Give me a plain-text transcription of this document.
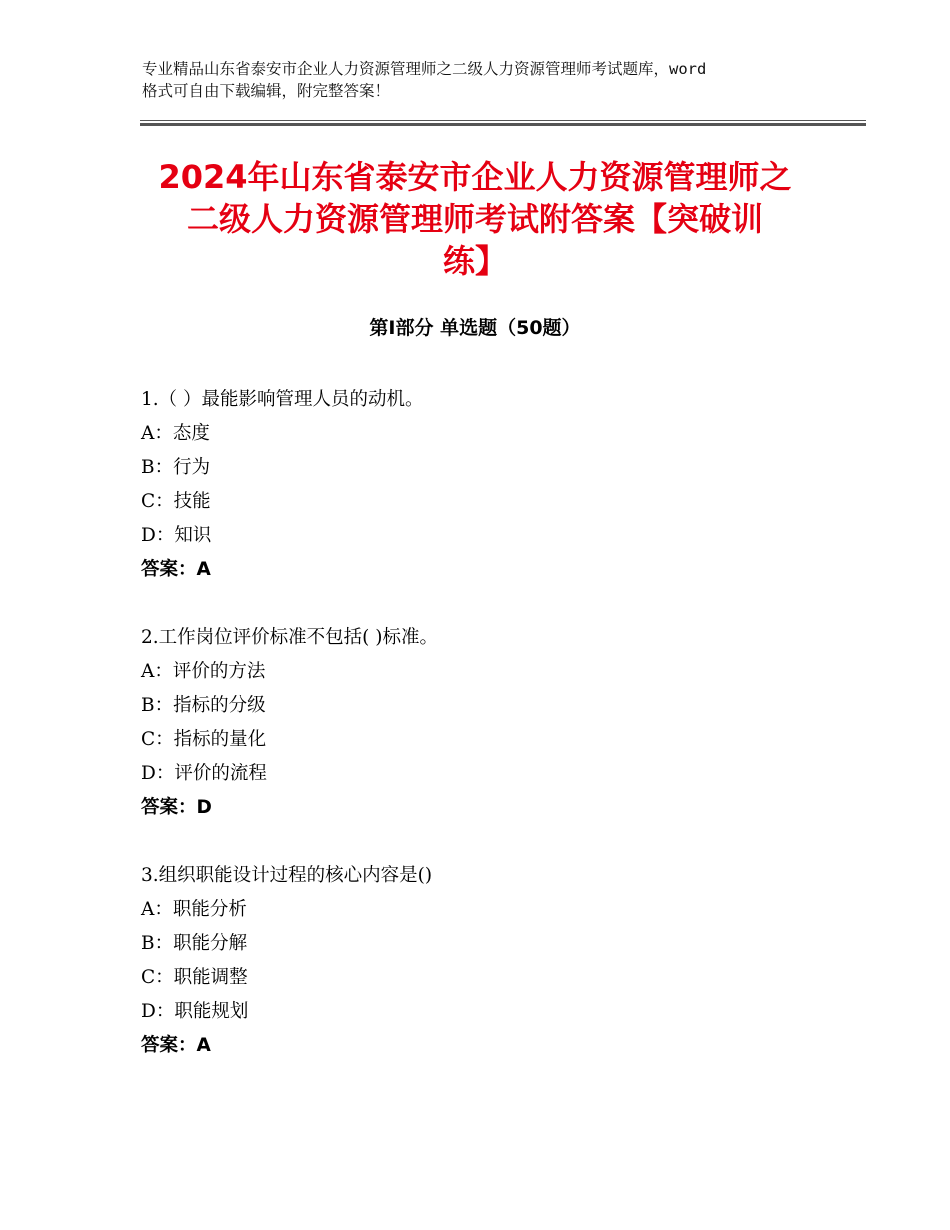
专业精品山东省泰安市企业人力资源管理师之二级人力资源管理师考试题库，word

格式可自由下载编辑，附完整答案！

2024年山东省泰安市企业人力资源管理师之
二级人力资源管理师考试附答案【突破训
练】
第Ⅰ部分 单选题（50题）

1.（ ）最能影响管理人员的动机。

A：态度

B：行为

C：技能

D：知识

答案：A

2.工作岗位评价标准不包括( )标准。

A：评价的方法

B：指标的分级

C：指标的量化

D：评价的流程

答案：D

3.组织职能设计过程的核心内容是()

A：职能分析

B：职能分解

C：职能调整

D：职能规划

答案：A
